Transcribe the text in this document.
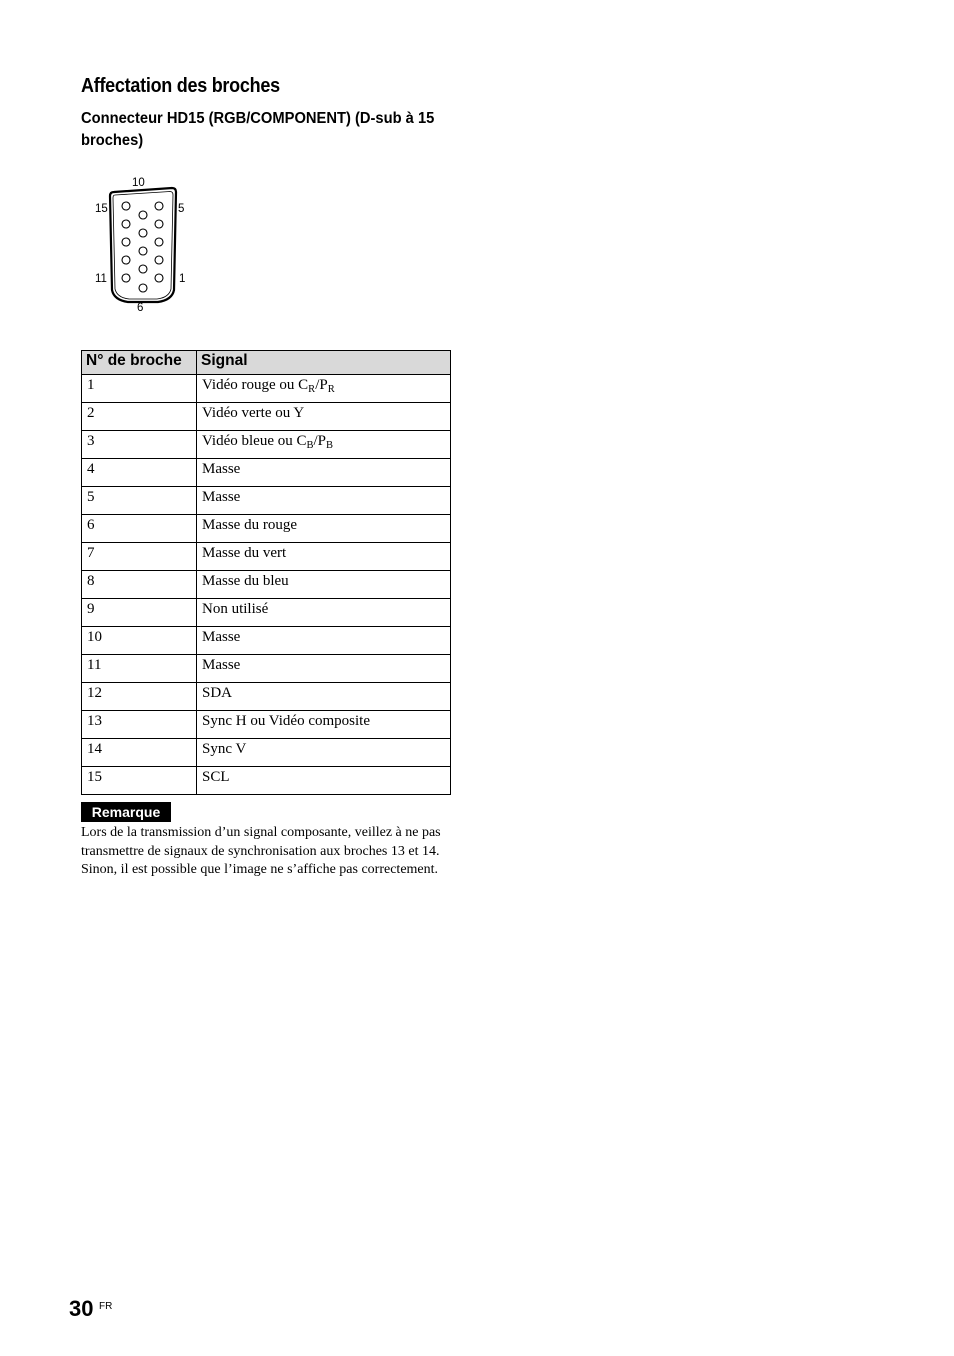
Affectation des broches
Connecteur HD15 (RGB/COMPONENT) (D-sub à 15 broches)
10
15	5
11	1
6
N° de broche	Signal
1	Vidéo rouge ou $C_R/P_R$
2	Vidéo verte ou Y
3	Vidéo bleue ou $C_B/P_B$
4	Masse
5	Masse
6	Masse du rouge
7	Masse du vert
8	Masse du bleu
9	Non utilisé
10	Masse
11	Masse
12	SDA
13	Sync H ou Vidéo composite
14	Sync V
15	SCL
Remarque
Lors de la transmission d’un signal composante, veillez à ne pas transmettre de signaux de synchronisation aux broches 13 et 14. Sinon, il est possible que l’image ne s’affiche pas correctement.
30 FR
